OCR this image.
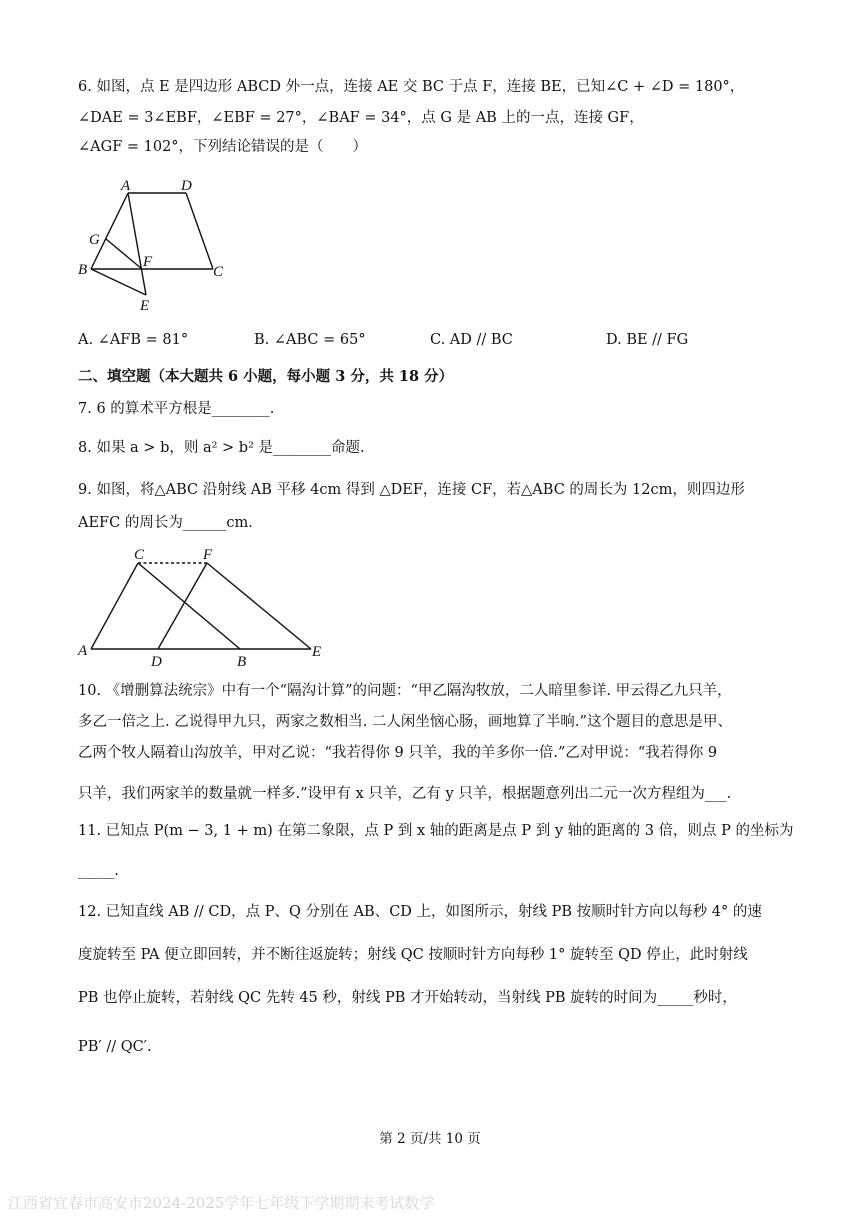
6. 如图，点 E 是四边形 ABCD 外一点，连接 AE 交 BC 于点 F，连接 BE，已知∠C + ∠D = 180°，
∠DAE = 3∠EBF，∠EBF = 27°，∠BAF = 34°，点 G 是 AB 上的一点，连接 GF，
∠AGF = 102°，下列结论错误的是（　　）
A	D
G
B	F
C
E
A. ∠AFB = 81°	B. ∠ABC = 65°	C. AD // BC	D. BE // FG
二、填空题（本大题共 6 小题，每小题 3 分，共 18 分）
7. 6 的算术平方根是________.
8. 如果 a > b，则 a² > b² 是________命题.
9. 如图，将△ABC 沿射线 AB 平移 4cm 得到 △DEF，连接 CF，若△ABC 的周长为 12cm，则四边形
AEFC 的周长为______cm.
C	F
A
D	B
E
10. 《增删算法统宗》中有一个“隔沟计算”的问题：“甲乙隔沟牧放，二人暗里参详. 甲云得乙九只羊，
多乙一倍之上. 乙说得甲九只，两家之数相当. 二人闲坐恼心肠，画地算了半晌.”这个题目的意思是甲、
乙两个牧人隔着山沟放羊，甲对乙说：“我若得你 9 只羊，我的羊多你一倍.”乙对甲说：“我若得你 9
只羊，我们两家羊的数量就一样多.”设甲有 x 只羊，乙有 y 只羊，根据题意列出二元一次方程组为___.
11. 已知点 P(m − 3, 1 + m) 在第二象限，点 P 到 x 轴的距离是点 P 到 y 轴的距离的 3 倍，则点 P 的坐标为
_____.
12. 已知直线 AB // CD，点 P、Q 分别在 AB、CD 上，如图所示，射线 PB 按顺时针方向以每秒 4° 的速
度旋转至 PA 便立即回转，并不断往返旋转；射线 QC 按顺时针方向每秒 1° 旋转至 QD 停止，此时射线
PB 也停止旋转，若射线 QC 先转 45 秒，射线 PB 才开始转动，当射线 PB 旋转的时间为_____秒时，
PB′ // QC′.
第 2 页/共 10 页
江西省宜春市高安市2024-2025学年七年级下学期期末考试数学
